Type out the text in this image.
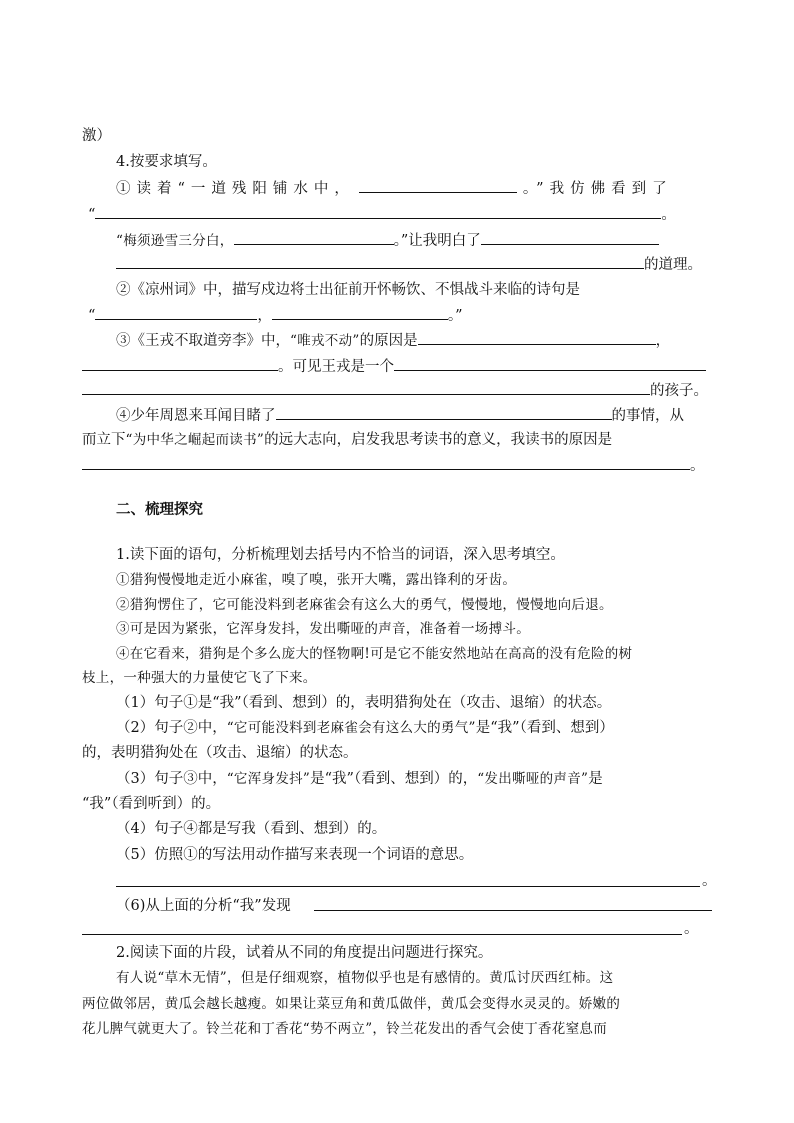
激）
4.按要求填写。
①读着“一道残阳铺水中，	。”我仿佛看到了
“	。
“梅须逊雪三分白，	。”让我明白了
的道理。
②《凉州词》中，描写戍边将士出征前开怀畅饮、不惧战斗来临的诗句是
“	，	。”
③《王戎不取道旁李》中，“唯戎不动”的原因是	，
。可见王戎是一个
的孩子。
④少年周恩来耳闻目睹了	的事情，从
而立下“为中华之崛起而读书”的远大志向，启发我思考读书的意义，我读书的原因是
。
二、梳理探究
1.读下面的语句，分析梳理划去括号内不恰当的词语，深入思考填空。
①猎狗慢慢地走近小麻雀，嗅了嗅，张开大嘴，露出锋利的牙齿。
②猎狗愣住了，它可能没料到老麻雀会有这么大的勇气，慢慢地，慢慢地向后退。
③可是因为紧张，它浑身发抖，发出嘶哑的声音，准备着一场搏斗。
④在它看来，猎狗是个多么庞大的怪物啊!可是它不能安然地站在高高的没有危险的树
枝上，一种强大的力量使它飞了下来。
（1）句子①是“我”（看到、想到）的，表明猎狗处在（攻击、退缩）的状态。
（2）句子②中，“它可能没料到老麻雀会有这么大的勇气”是“我”（看到、想到）
的，表明猎狗处在（攻击、退缩）的状态。
（3）句子③中，“它浑身发抖”是“我”（看到、想到）的，“发出嘶哑的声音”是
“我”（看到听到）的。
（4）句子④都是写我（看到、想到）的。
（5）仿照①的写法用动作描写来表现一个词语的意思。
。
（6)从上面的分析“我”发现
。
2.阅读下面的片段，试着从不同的角度提出问题进行探究。
有人说“草木无情”，但是仔细观察，植物似乎也是有感情的。黄瓜讨厌西红柿。这
两位做邻居，黄瓜会越长越瘦。如果让菜豆角和黄瓜做伴，黄瓜会变得水灵灵的。娇嫩的
花儿脾气就更大了。铃兰花和丁香花“势不两立”，铃兰花发出的香气会使丁香花窒息而
